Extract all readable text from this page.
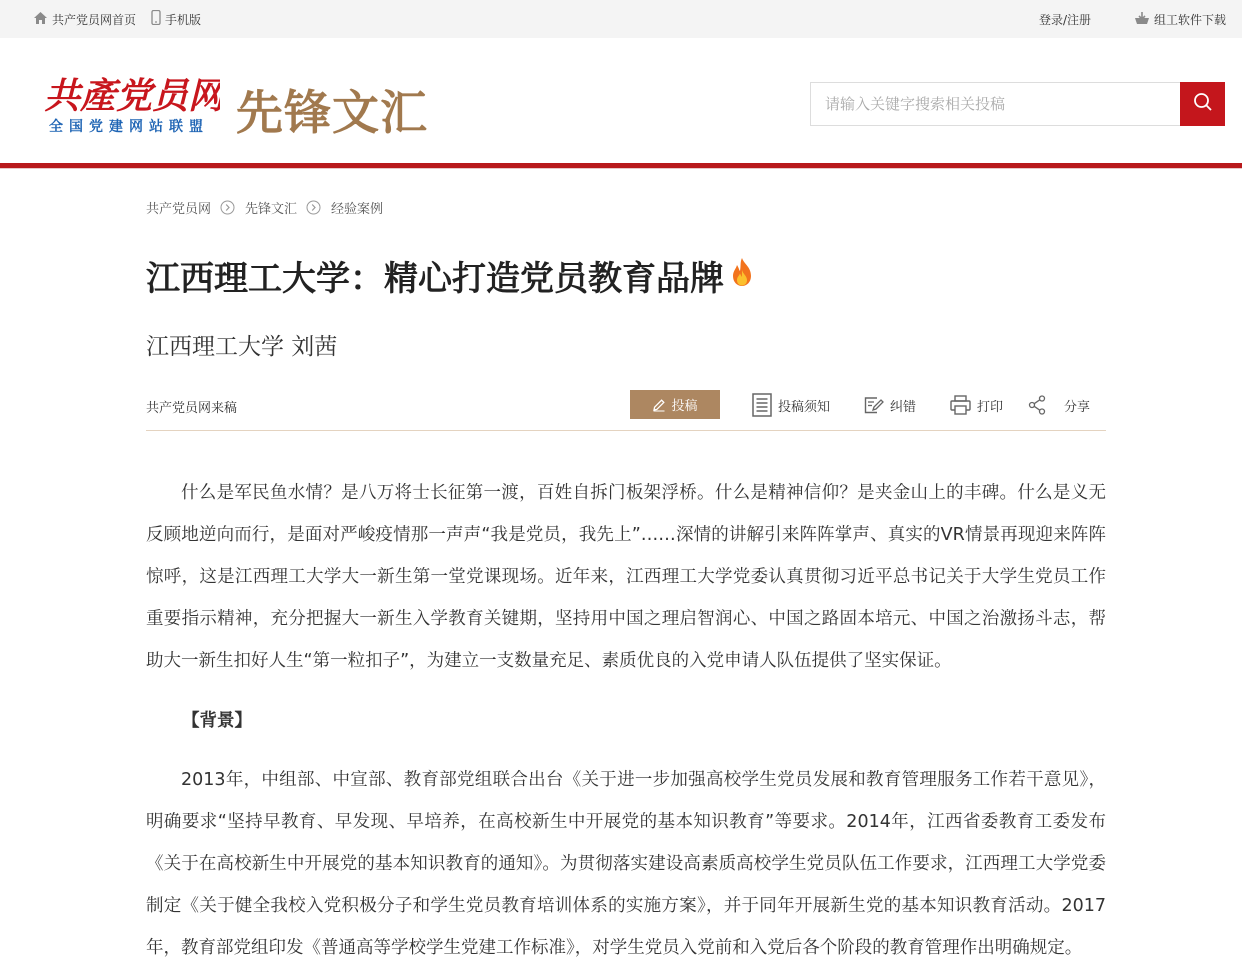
共产党员网首页 手机版	登录/注册	组工软件下载
共產党员网
全国党建网站联盟 先锋文汇
请输入关键字搜索相关投稿
共产党员网	先锋文汇	经验案例
江西理工大学：精心打造党员教育品牌
江西理工大学 刘茜
共产党员网来稿	投稿	投稿须知	纠错	打印	分享

什么是军民鱼水情？是八万将士长征第一渡，百姓自拆门板架浮桥。什么是精神信仰？是夹金山上的丰碑。什么是义无反顾地逆向而行，是面对严峻疫情那一声声“我是党员，我先上”……深情的讲解引来阵阵掌声、真实的VR情景再现迎来阵阵惊呼，这是江西理工大学大一新生第一堂党课现场。近年来，江西理工大学党委认真贯彻习近平总书记关于大学生党员工作重要指示精神，充分把握大一新生入学教育关键期，坚持用中国之理启智润心、中国之路固本培元、中国之治激扬斗志，帮助大一新生扣好人生“第一粒扣子”，为建立一支数量充足、素质优良的入党申请人队伍提供了坚实保证。

【背景】

2013年，中组部、中宣部、教育部党组联合出台《关于进一步加强高校学生党员发展和教育管理服务工作若干意见》，明确要求“坚持早教育、早发现、早培养，在高校新生中开展党的基本知识教育”等要求。2014年，江西省委教育工委发布《关于在高校新生中开展党的基本知识教育的通知》。为贯彻落实建设高素质高校学生党员队伍工作要求，江西理工大学党委制定《关于健全我校入党积极分子和学生党员教育培训体系的实施方案》，并于同年开展新生党的基本知识教育活动。2017年，教育部党组印发《普通高等学校学生党建工作标准》，对学生党员入党前和入党后各个阶段的教育管理作出明确规定。
